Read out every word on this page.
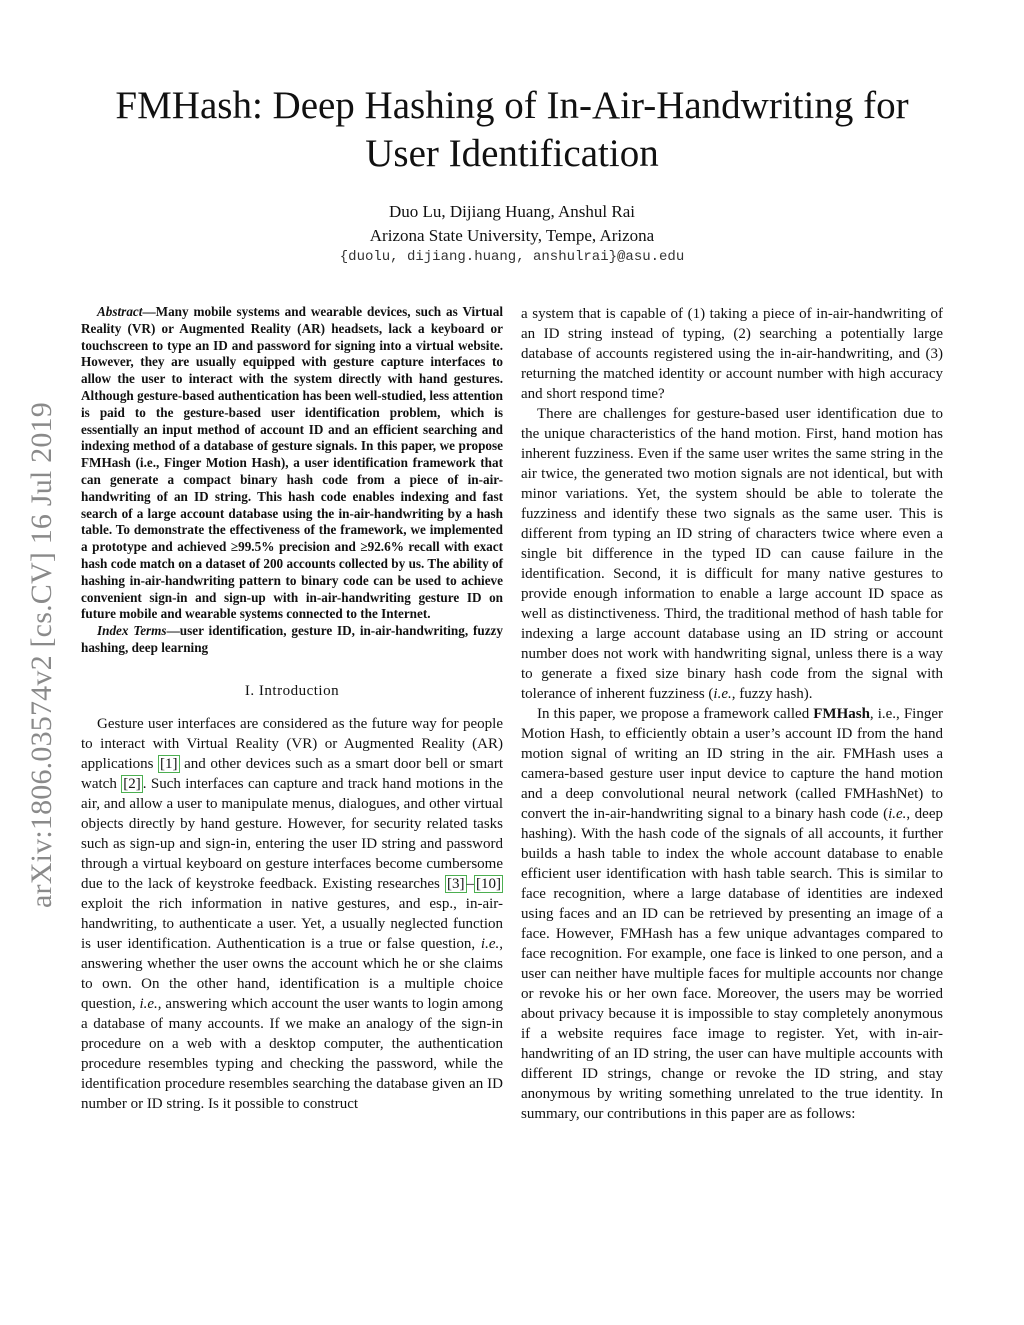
arXiv:1806.03574v2 [cs.CV] 16 Jul 2019
FMHash: Deep Hashing of In-Air-Handwriting for
User Identification
Duo Lu, Dijiang Huang, Anshul Rai
Arizona State University, Tempe, Arizona
{duolu, dijiang.huang, anshulrai}@asu.edu

Abstract—Many mobile systems and wearable devices, such as Virtual Reality (VR) or Augmented Reality (AR) headsets, lack a keyboard or touchscreen to type an ID and password for signing into a virtual website. However, they are usually equipped with gesture capture interfaces to allow the user to interact with the system directly with hand gestures. Although gesture-based authentication has been well-studied, less attention is paid to the gesture-based user identification problem, which is essentially an input method of account ID and an efficient searching and indexing method of a database of gesture signals. In this paper, we propose FMHash (i.e., Finger Motion Hash), a user identification framework that can generate a compact binary hash code from a piece of in-air-handwriting of an ID string. This hash code enables indexing and fast search of a large account database using the in-air-handwriting by a hash table. To demonstrate the effectiveness of the framework, we implemented a prototype and achieved ≥99.5% precision and ≥92.6% recall with exact hash code match on a dataset of 200 accounts collected by us. The ability of hashing in-air-handwriting pattern to binary code can be used to achieve convenient sign-in and sign-up with in-air-handwriting gesture ID on future mobile and wearable systems connected to the Internet.

Index Terms—user identification, gesture ID, in-air-handwriting, fuzzy hashing, deep learning

I. Introduction

Gesture user interfaces are considered as the future way for people to interact with Virtual Reality (VR) or Augmented Reality (AR) applications [1] and other devices such as a smart door bell or smart watch [2] . Such interfaces can capture and track hand motions in the air, and allow a user to manipulate menus, dialogues, and other virtual objects directly by hand gesture. However, for security related tasks such as sign-up and sign-in, entering the user ID string and password through a virtual keyboard on gesture interfaces become cumbersome due to the lack of keystroke feedback. Existing researches [3] – [10] exploit the rich information in native gestures, and esp., in-air-handwriting, to authenticate a user. Yet, a usually neglected function is user identification. Authentication is a true or false question, i.e., answering whether the user owns the account which he or she claims to own. On the other hand, identification is a multiple choice question, i.e., answering which account the user wants to login among a database of many accounts. If we make an analogy of the sign-in procedure on a web with a desktop computer, the authentication procedure resembles typing and checking the password, while the identification procedure resembles searching the database given an ID number or ID string. Is it possible to construct

a system that is capable of (1) taking a piece of in-air-handwriting of an ID string instead of typing, (2) searching a potentially large database of accounts registered using the in-air-handwriting, and (3) returning the matched identity or account number with high accuracy and short respond time?

There are challenges for gesture-based user identification due to the unique characteristics of the hand motion. First, hand motion has inherent fuzziness. Even if the same user writes the same string in the air twice, the generated two motion signals are not identical, but with minor variations. Yet, the system should be able to tolerate the fuzziness and identify these two signals as the same user. This is different from typing an ID string of characters twice where even a single bit difference in the typed ID can cause failure in the identification. Second, it is difficult for many native gestures to provide enough information to enable a large account ID space as well as distinctiveness. Third, the traditional method of hash table for indexing a large account database using an ID string or account number does not work with handwriting signal, unless there is a way to generate a fixed size binary hash code from the signal with tolerance of inherent fuzziness (i.e., fuzzy hash).

In this paper, we propose a framework called FMHash, i.e., Finger Motion Hash, to efficiently obtain a user’s account ID from the hand motion signal of writing an ID string in the air. FMHash uses a camera-based gesture user input device to capture the hand motion and a deep convolutional neural network (called FMHashNet) to convert the in-air-handwriting signal to a binary hash code (i.e., deep hashing). With the hash code of the signals of all accounts, it further builds a hash table to index the whole account database to enable efficient user identification with hash table search. This is similar to face recognition, where a large database of identities are indexed using faces and an ID can be retrieved by presenting an image of a face. However, FMHash has a few unique advantages compared to face recognition. For example, one face is linked to one person, and a user can neither have multiple faces for multiple accounts nor change or revoke his or her own face. Moreover, the users may be worried about privacy because it is impossible to stay completely anonymous if a website requires face image to register. Yet, with in-air-handwriting of an ID string, the user can have multiple accounts with different ID strings, change or revoke the ID string, and stay anonymous by writing something unrelated to the true identity. In summary, our contributions in this paper are as follows:
